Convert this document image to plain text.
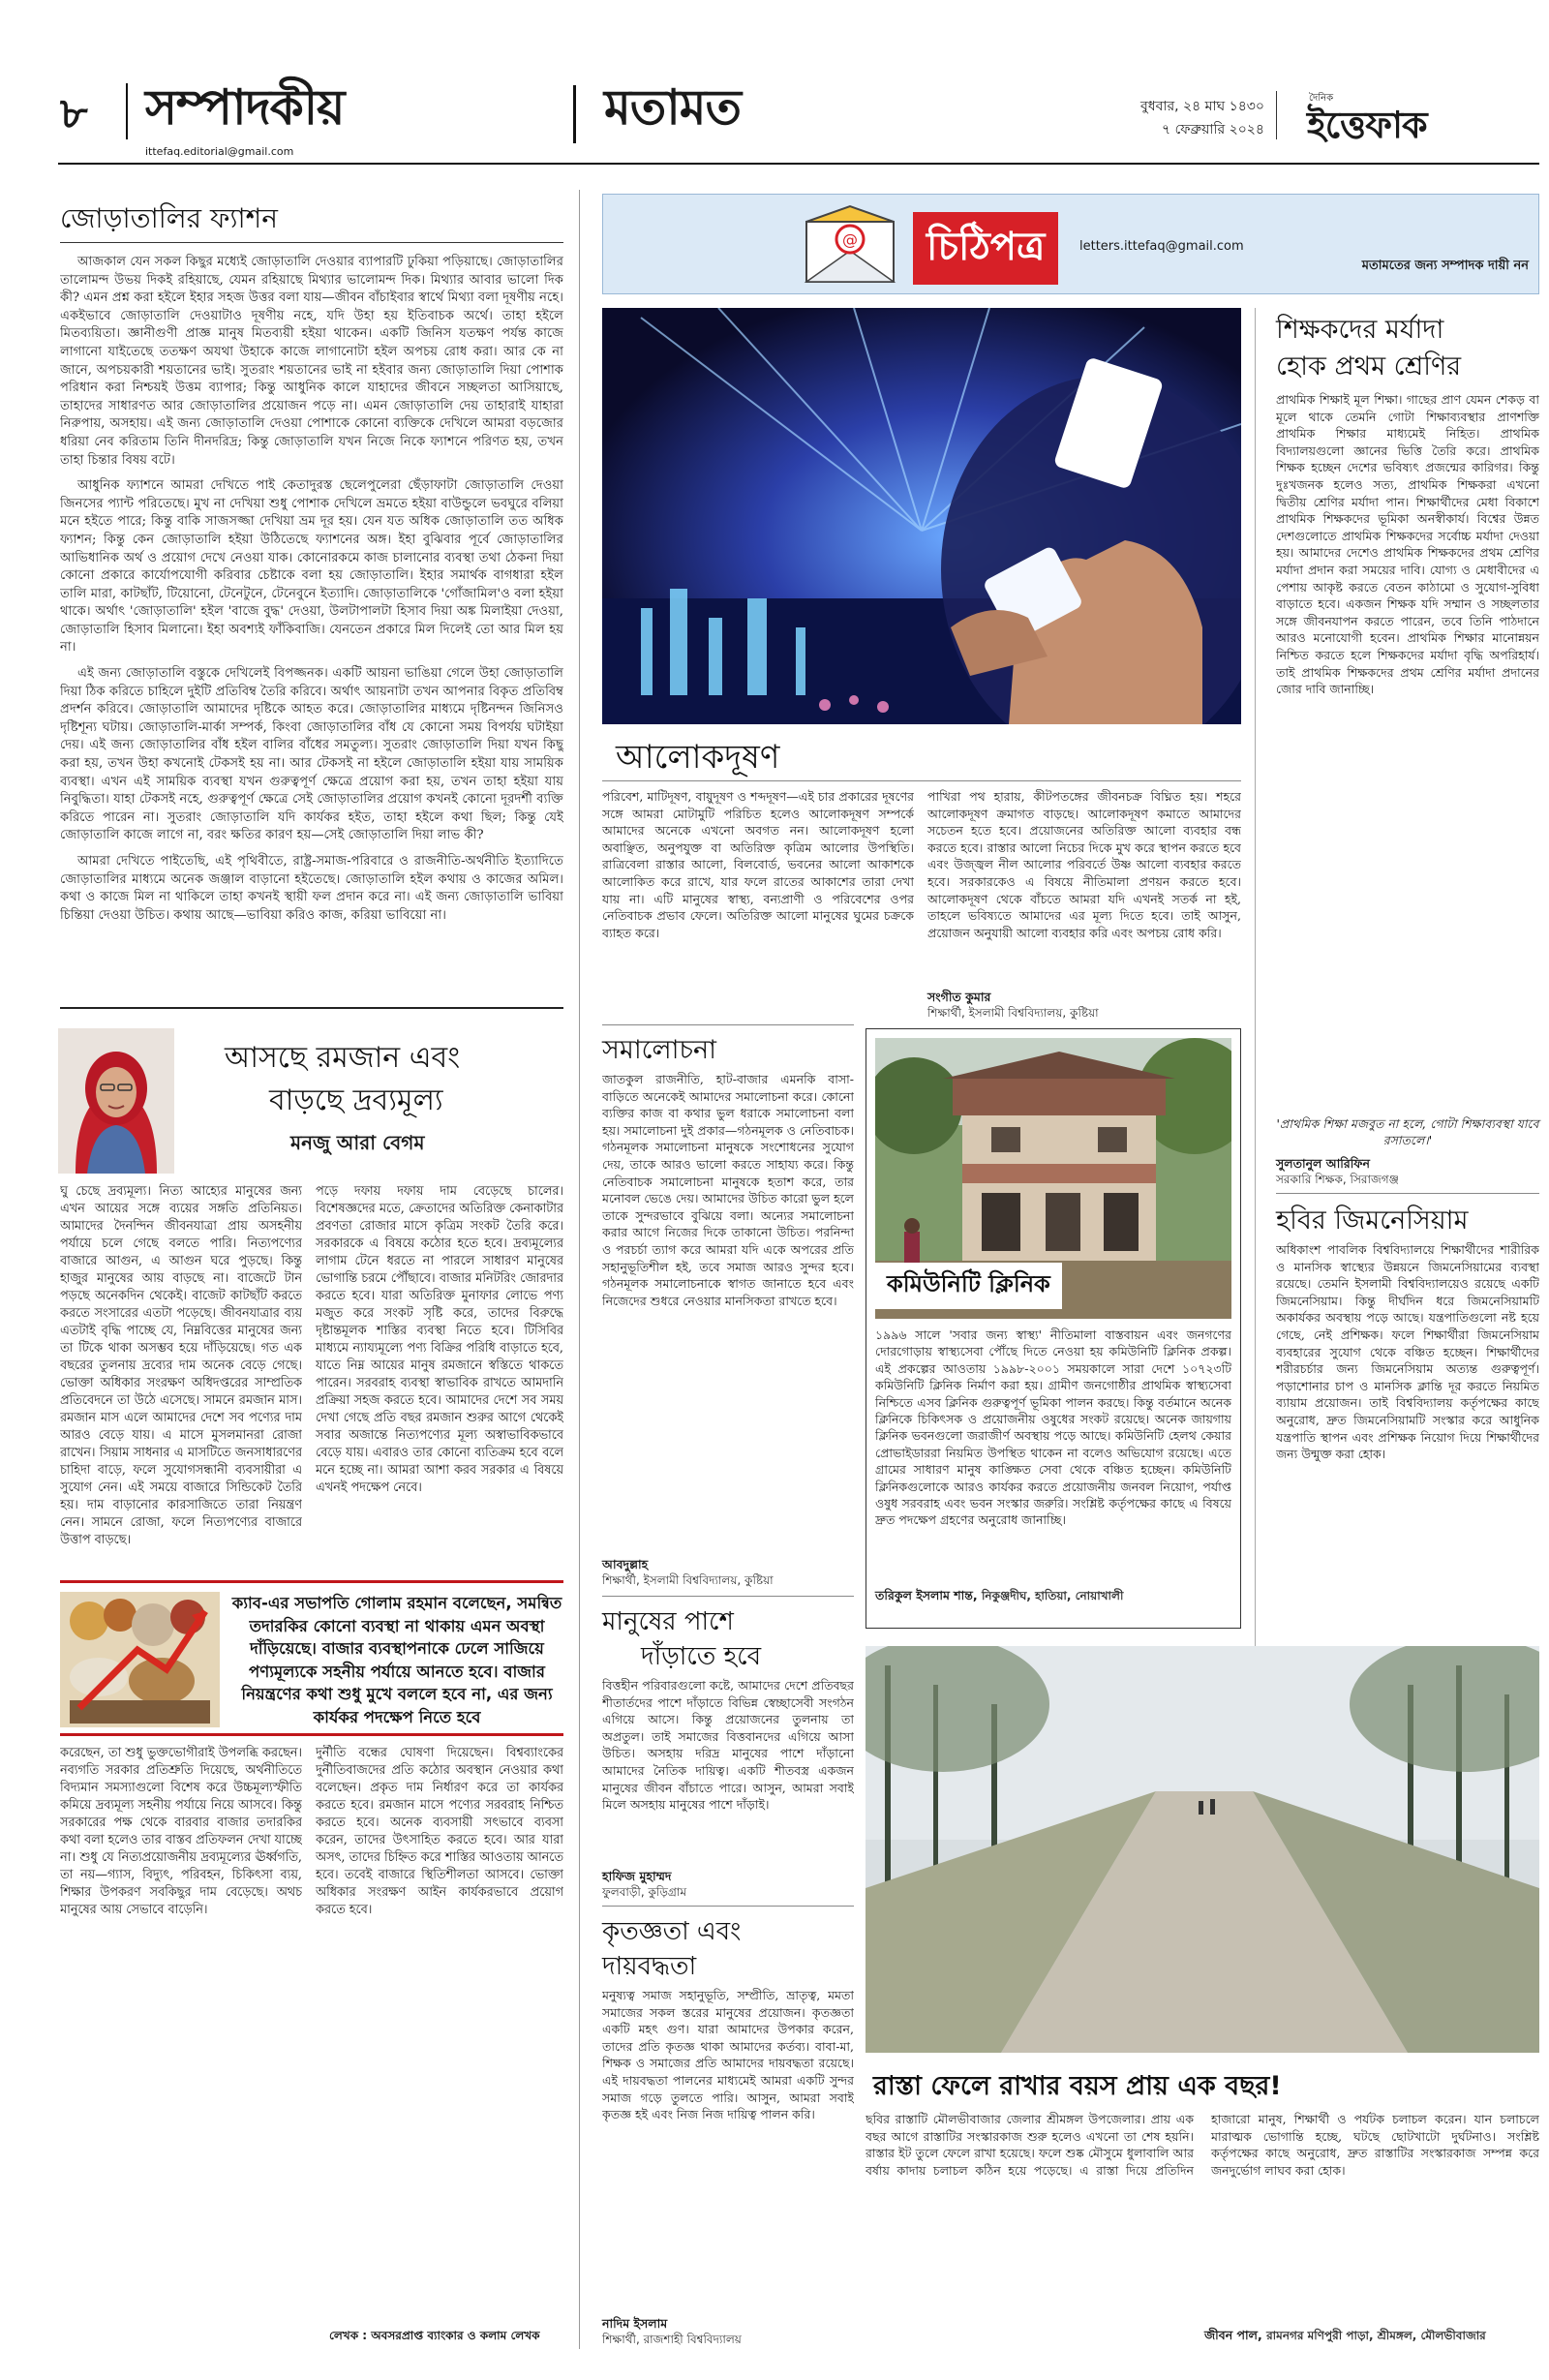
৮ সম্পাদকীয়
ittefaq.editorial@gmail.com
মতামত	বুধবার, ২৪ মাঘ ১৪৩০
৭ ফেব্রুয়ারি ২০২৪
দৈনিক
ইত্তেফাক
জোড়াতালির ফ্যাশন

আজকাল যেন সকল কিছুর মধ্যেই জোড়াতালি দেওয়ার ব্যাপারটি ঢুকিয়া পড়িয়াছে। জোড়াতালির তালোমন্দ উভয় দিকই রহিয়াছে, যেমন রহিয়াছে মিথ্যার ভালোমন্দ দিক। মিথ্যার আবার ভালো দিক কী? এমন প্রশ্ন করা হইলে ইহার সহজ উত্তর বলা যায়—জীবন বাঁচাইবার স্বার্থে মিথ্যা বলা দূষণীয় নহে। একইভাবে জোড়াতালি দেওয়াটাও দূষণীয় নহে, যদি উহা হয় ইতিবাচক অর্থে। তাহা হইলে মিতব্যয়িতা। জ্ঞানীগুণী প্রাজ্ঞ মানুষ মিতব্যয়ী হইয়া থাকেন। একটি জিনিস যতক্ষণ পর্যন্ত কাজে লাগানো যাইতেছে ততক্ষণ অযথা উহাকে কাজে লাগানোটা হইল অপচয় রোধ করা। আর কে না জানে, অপচয়কারী শয়তানের ভাই। সুতরাং শয়তানের ভাই না হইবার জন্য জোড়াতালি দিয়া পোশাক পরিধান করা নিশ্চয়ই উত্তম ব্যাপার; কিন্তু আধুনিক কালে যাহাদের জীবনে সচ্ছলতা আসিয়াছে, তাহাদের সাধারণত আর জোড়াতালির প্রয়োজন পড়ে না। এমন জোড়াতালি দেয় তাহারাই যাহারা নিরুপায়, অসহায়। এই জন্য জোড়াতালি দেওয়া পোশাকে কোনো ব্যক্তিকে দেখিলে আমরা বড়জোর ধরিয়া নেব করিতাম তিনি দীনদরিদ্র; কিন্তু জোড়াতালি যখন নিজে নিকে ফ্যাশনে পরিণত হয়, তখন তাহা চিন্তার বিষয় বটে।

আধুনিক ফ্যাশনে আমরা দেখিতে পাই কেতাদুরস্ত ছেলেপুলেরা ছেঁড়াফাটা জোড়াতালি দেওয়া জিনসের প্যান্ট পরিতেছে। মুখ না দেখিয়া শুধু পোশাক দেখিলে ভ্রমতে হইয়া বাউন্ডুলে ভবঘুরে বলিয়া মনে হইতে পারে; কিন্তু বাকি সাজসজ্জা দেখিয়া ভ্রম দূর হয়। যেন যত অধিক জোড়াতালি তত অধিক ফ্যাশন; কিন্তু কেন জোড়াতালি হইয়া উঠিতেছে ফ্যাশনের অঙ্গ। ইহা বুঝিবার পূর্বে জোড়াতালির আভিধানিক অর্থ ও প্রয়োগ দেখে নেওয়া যাক। কোনোরকমে কাজ চালানোর ব্যবস্থা তথা ঠেকনা দিয়া কোনো প্রকারে কার্যোপযোগী করিবার চেষ্টাকে বলা হয় জোড়াতালি। ইহার সমার্থক বাগধারা হইল তালি মারা, কাটছাঁট, টিয়োনো, টেনেটুনে, টেনেবুনে ইত্যাদি। জোড়াতালিকে 'গোঁজামিল'ও বলা হইয়া থাকে। অর্থাৎ 'জোড়াতালি' হইল 'বাজে বুদ্ধ' দেওয়া, উলটাপালটা হিসাব দিয়া অঙ্ক মিলাইয়া দেওয়া, জোড়াতালি হিসাব মিলানো। ইহা অবশ্যই ফাঁকিবাজি। যেনতেন প্রকারে মিল দিলেই তো আর মিল হয় না।

এই জন্য জোড়াতালি বস্তুকে দেখিলেই বিপজ্জনক। একটি আয়না ভাঙিয়া গেলে উহা জোড়াতালি দিয়া ঠিক করিতে চাহিলে দুইটি প্রতিবিম্ব তৈরি করিবে। অর্থাৎ আয়নাটা তখন আপনার বিকৃত প্রতিবিম্ব প্রদর্শন করিবে। জোড়াতালি আমাদের দৃষ্টিকে আহত করে। জোড়াতালির মাধ্যমে দৃষ্টিনন্দন জিনিসও দৃষ্টিশূন্য ঘটায়। জোড়াতালি-মার্কা সম্পর্ক, কিংবা জোড়াতালির বাঁধ যে কোনো সময় বিপর্যয় ঘটাইয়া দেয়। এই জন্য জোড়াতালির বাঁধ হইল বালির বাঁধের সমতুল্য। সুতরাং জোড়াতালি দিয়া যখন কিছু করা হয়, তখন উহা কখনোই টেকসই হয় না। আর টেকসই না হইলে জোড়াতালি হইয়া যায় সাময়িক ব্যবস্থা। এখন এই সাময়িক ব্যবস্থা যখন গুরুত্বপূর্ণ ক্ষেত্রে প্রয়োগ করা হয়, তখন তাহা হইয়া যায় নিবুদ্ধিতা। যাহা টেকসই নহে, গুরুত্বপূর্ণ ক্ষেত্রে সেই জোড়াতালির প্রয়োগ কখনই কোনো দূরদর্শী ব্যক্তি করিতে পারেন না। সুতরাং জোড়াতালি যদি কার্যকর হইত, তাহা হইলে কথা ছিল; কিন্তু যেই জোড়াতালি কাজে লাগে না, বরং ক্ষতির কারণ হয়—সেই জোড়াতালি দিয়া লাভ কী?

আমরা দেখিতে পাইতেছি, এই পৃথিবীতে, রাষ্ট্র-সমাজ-পরিবারে ও রাজনীতি-অর্থনীতি ইত্যাদিতে জোড়াতালির মাধ্যমে অনেক জঞ্জাল বাড়ানো হইতেছে। জোড়াতালি হইল কথায় ও কাজের অমিল। কথা ও কাজে মিল না থাকিলে তাহা কখনই স্থায়ী ফল প্রদান করে না। এই জন্য জোড়াতালি ভাবিয়া চিন্তিয়া দেওয়া উচিত। কথায় আছে—ভাবিয়া করিও কাজ, করিয়া ভাবিয়ো না।

আসছে রমজান এবং
বাড়ছে দ্রব্যমূল্য
মনজু আরা বেগম
ঘু চেছে দ্রব্যমূল্য। নিত্য আহ্যের মানুষের জন্য এখন আয়ের সঙ্গে ব্যয়ের সঙ্গতি প্রতিনিয়ত। আমাদের দৈনন্দিন জীবনযাত্রা প্রায় অসহনীয় পর্যায়ে চলে গেছে বলতে পারি। নিত্যপণ্যের বাজারে আগুন, এ আগুন ঘরে পুড়ছে। কিন্তু হাজুর মানুষের আয় বাড়ছে না। বাজেটে টান পড়ছে অনেকদিন থেকেই। বাজেট কাটছাঁট করতে করতে সংসারের এতটা পড়েছে। জীবনযাত্রার ব্যয় এতটাই বৃদ্ধি পাচ্ছে যে, নিম্নবিত্তের মানুষের জন্য তা টিকে থাকা অসম্ভব হয়ে দাঁড়িয়েছে। গত এক বছরের তুলনায় দ্রব্যের দাম অনেক বেড়ে গেছে। ভোক্তা অধিকার সংরক্ষণ অধিদপ্তরের সাম্প্রতিক প্রতিবেদনে তা উঠে এসেছে। সামনে রমজান মাস। রমজান মাস এলে আমাদের দেশে সব পণ্যের দাম আরও বেড়ে যায়। এ মাসে মুসলমানরা রোজা রাখেন। সিয়াম সাধনার এ মাসটিতে জনসাধারণের চাহিদা বাড়ে, ফলে সুযোগসন্ধানী ব্যবসায়ীরা এ সুযোগ নেন। এই সময়ে বাজারে সিন্ডিকেট তৈরি হয়। দাম বাড়ানোর কারসাজিতে তারা নিয়ন্ত্রণ নেন। সামনে রোজা, ফলে নিত্যপণ্যের বাজারে উত্তাপ বাড়ছে।
পড়ে দফায় দফায় দাম বেড়েছে চালের। বিশেষজ্ঞদের মতে, ক্রেতাদের অতিরিক্ত কেনাকাটার প্রবণতা রোজার মাসে কৃত্রিম সংকট তৈরি করে। সরকারকে এ বিষয়ে কঠোর হতে হবে। দ্রব্যমূল্যের লাগাম টেনে ধরতে না পারলে সাধারণ মানুষের ভোগান্তি চরমে পৌঁছাবে। বাজার মনিটরিং জোরদার করতে হবে। যারা অতিরিক্ত মুনাফার লোভে পণ্য মজুত করে সংকট সৃষ্টি করে, তাদের বিরুদ্ধে দৃষ্টান্তমূলক শাস্তির ব্যবস্থা নিতে হবে। টিসিবির মাধ্যমে ন্যায্যমূল্যে পণ্য বিক্রির পরিধি বাড়াতে হবে, যাতে নিম্ন আয়ের মানুষ রমজানে স্বস্তিতে থাকতে পারেন। সরবরাহ ব্যবস্থা স্বাভাবিক রাখতে আমদানি প্রক্রিয়া সহজ করতে হবে। আমাদের দেশে সব সময় দেখা গেছে প্রতি বছর রমজান শুরুর আগে থেকেই সবার অজান্তে নিত্যপণ্যের মূল্য অস্বাভাবিকভাবে বেড়ে যায়। এবারও তার কোনো ব্যতিক্রম হবে বলে মনে হচ্ছে না। আমরা আশা করব সরকার এ বিষয়ে এখনই পদক্ষেপ নেবে।
ক্যাব-এর সভাপতি গোলাম রহমান বলেছেন, সমন্বিত তদারকির কোনো ব্যবস্থা না থাকায় এমন অবস্থা দাঁড়িয়েছে। বাজার ব্যবস্থাপনাকে ঢেলে সাজিয়ে পণ্যমূল্যকে সহনীয় পর্যায়ে আনতে হবে। বাজার নিয়ন্ত্রণের কথা শুধু মুখে বললে হবে না, এর জন্য কার্যকর পদক্ষেপ নিতে হবে
করেছেন, তা শুধু ভুক্তভোগীরাই উপলব্ধি করছেন। নব্যগতি সরকার প্রতিশ্রুতি দিয়েছে, অর্থনীতিতে বিদ্যমান সমস্যাগুলো বিশেষ করে উচ্চমূল্যস্ফীতি কমিয়ে দ্রব্যমূল্য সহনীয় পর্যায়ে নিয়ে আসবে। কিন্তু সরকারের পক্ষ থেকে বারবার বাজার তদারকির কথা বলা হলেও তার বাস্তব প্রতিফলন দেখা যাচ্ছে না। শুধু যে নিত্যপ্রয়োজনীয় দ্রব্যমূল্যের ঊর্ধ্বগতি, তা নয়—গ্যাস, বিদ্যুৎ, পরিবহন, চিকিৎসা ব্যয়, শিক্ষার উপকরণ সবকিছুর দাম বেড়েছে। অথচ মানুষের আয় সেভাবে বাড়েনি।
দুর্নীতি বন্ধের ঘোষণা দিয়েছেন। বিশ্বব্যাংকের দুর্নীতিবাজদের প্রতি কঠোর অবস্থান নেওয়ার কথা বলেছেন। প্রকৃত দাম নির্ধারণ করে তা কার্যকর করতে হবে। রমজান মাসে পণ্যের সরবরাহ নিশ্চিত করতে হবে। অনেক ব্যবসায়ী সৎভাবে ব্যবসা করেন, তাদের উৎসাহিত করতে হবে। আর যারা অসৎ, তাদের চিহ্নিত করে শাস্তির আওতায় আনতে হবে। তবেই বাজারে স্থিতিশীলতা আসবে। ভোক্তা অধিকার সংরক্ষণ আইন কার্যকরভাবে প্রয়োগ করতে হবে।
লেখক : অবসরপ্রাপ্ত ব্যাংকার ও কলাম লেখক
@	চিঠিপত্র	letters.ittefaq@gmail.com
মতামতের জন্য সম্পাদক দায়ী নন
আলোকদূষণ
পরিবেশ, মাটিদূষণ, বায়ুদূষণ ও শব্দদূষণ—এই চার প্রকারের দূষণের সঙ্গে আমরা মোটামুটি পরিচিত হলেও আলোকদূষণ সম্পর্কে আমাদের অনেকে এখনো অবগত নন। আলোকদূষণ হলো অবাঞ্ছিত, অনুপযুক্ত বা অতিরিক্ত কৃত্রিম আলোর উপস্থিতি। রাত্রিবেলা রাস্তার আলো, বিলবোর্ড, ভবনের আলো আকাশকে আলোকিত করে রাখে, যার ফলে রাতের আকাশের তারা দেখা যায় না। এটি মানুষের স্বাস্থ্য, বন্যপ্রাণী ও পরিবেশের ওপর নেতিবাচক প্রভাব ফেলে। অতিরিক্ত আলো মানুষের ঘুমের চক্রকে ব্যাহত করে।
পাখিরা পথ হারায়, কীটপতঙ্গের জীবনচক্র বিঘ্নিত হয়। শহরে আলোকদূষণ ক্রমাগত বাড়ছে। আলোকদূষণ কমাতে আমাদের সচেতন হতে হবে। প্রয়োজনের অতিরিক্ত আলো ব্যবহার বন্ধ করতে হবে। রাস্তার আলো নিচের দিকে মুখ করে স্থাপন করতে হবে এবং উজ্জ্বল নীল আলোর পরিবর্তে উষ্ণ আলো ব্যবহার করতে হবে। সরকারকেও এ বিষয়ে নীতিমালা প্রণয়ন করতে হবে। আলোকদূষণ থেকে বাঁচতে আমরা যদি এখনই সতর্ক না হই, তাহলে ভবিষ্যতে আমাদের এর মূল্য দিতে হবে। তাই আসুন, প্রয়োজন অনুযায়ী আলো ব্যবহার করি এবং অপচয় রোধ করি।
সংগীত কুমার
শিক্ষার্থী, ইসলামী বিশ্ববিদ্যালয়, কুষ্টিয়া
শিক্ষকদের মর্যাদা
হোক প্রথম শ্রেণির
প্রাথমিক শিক্ষাই মূল শিক্ষা। গাছের প্রাণ যেমন শেকড় বা মূলে থাকে তেমনি গোটা শিক্ষাব্যবস্থার প্রাণশক্তি প্রাথমিক শিক্ষার মাধ্যমেই নিহিত। প্রাথমিক বিদ্যালয়গুলো জ্ঞানের ভিত্তি তৈরি করে। প্রাথমিক শিক্ষক হচ্ছেন দেশের ভবিষ্যৎ প্রজন্মের কারিগর। কিন্তু দুঃখজনক হলেও সত্য, প্রাথমিক শিক্ষকরা এখনো দ্বিতীয় শ্রেণির মর্যাদা পান। শিক্ষার্থীদের মেধা বিকাশে প্রাথমিক শিক্ষকদের ভূমিকা অনস্বীকার্য। বিশ্বের উন্নত দেশগুলোতে প্রাথমিক শিক্ষকদের সর্বোচ্চ মর্যাদা দেওয়া হয়। আমাদের দেশেও প্রাথমিক শিক্ষকদের প্রথম শ্রেণির মর্যাদা প্রদান করা সময়ের দাবি। যোগ্য ও মেধাবীদের এ পেশায় আকৃষ্ট করতে বেতন কাঠামো ও সুযোগ-সুবিধা বাড়াতে হবে। একজন শিক্ষক যদি সম্মান ও সচ্ছলতার সঙ্গে জীবনযাপন করতে পারেন, তবে তিনি পাঠদানে আরও মনোযোগী হবেন। প্রাথমিক শিক্ষার মানোন্নয়ন নিশ্চিত করতে হলে শিক্ষকদের মর্যাদা বৃদ্ধি অপরিহার্য। তাই প্রাথমিক শিক্ষকদের প্রথম শ্রেণির মর্যাদা প্রদানের জোর দাবি জানাচ্ছি।
'প্রাথমিক শিক্ষা মজবুত না হলে, গোটা শিক্ষাব্যবস্থা যাবে রসাতলে।'
সুলতানুল আরিফিন
সরকারি শিক্ষক, সিরাজগঞ্জ
হবির জিমনেসিয়াম
অধিকাংশ পাবলিক বিশ্ববিদ্যালয়ে শিক্ষার্থীদের শারীরিক ও মানসিক স্বাস্থ্যের উন্নয়নে জিমনেসিয়ামের ব্যবস্থা রয়েছে। তেমনি ইসলামী বিশ্ববিদ্যালয়েও রয়েছে একটি জিমনেসিয়াম। কিন্তু দীর্ঘদিন ধরে জিমনেসিয়ামটি অকার্যকর অবস্থায় পড়ে আছে। যন্ত্রপাতিগুলো নষ্ট হয়ে গেছে, নেই প্রশিক্ষক। ফলে শিক্ষার্থীরা জিমনেসিয়াম ব্যবহারের সুযোগ থেকে বঞ্চিত হচ্ছেন। শিক্ষার্থীদের শরীরচর্চার জন্য জিমনেসিয়াম অত্যন্ত গুরুত্বপূর্ণ। পড়াশোনার চাপ ও মানসিক ক্লান্তি দূর করতে নিয়মিত ব্যায়াম প্রয়োজন। তাই বিশ্ববিদ্যালয় কর্তৃপক্ষের কাছে অনুরোধ, দ্রুত জিমনেসিয়ামটি সংস্কার করে আধুনিক যন্ত্রপাতি স্থাপন এবং প্রশিক্ষক নিয়োগ দিয়ে শিক্ষার্থীদের জন্য উন্মুক্ত করা হোক।
সমালোচনা
জাতকুল রাজনীতি, হাট-বাজার এমনকি বাসা-বাড়িতে অনেকেই আমাদের সমালোচনা করে। কোনো ব্যক্তির কাজ বা কথার ভুল ধরাকে সমালোচনা বলা হয়। সমালোচনা দুই প্রকার—গঠনমূলক ও নেতিবাচক। গঠনমূলক সমালোচনা মানুষকে সংশোধনের সুযোগ দেয়, তাকে আরও ভালো করতে সাহায্য করে। কিন্তু নেতিবাচক সমালোচনা মানুষকে হতাশ করে, তার মনোবল ভেঙে দেয়। আমাদের উচিত কারো ভুল হলে তাকে সুন্দরভাবে বুঝিয়ে বলা। অন্যের সমালোচনা করার আগে নিজের দিকে তাকানো উচিত। পরনিন্দা ও পরচর্চা ত্যাগ করে আমরা যদি একে অপরের প্রতি সহানুভূতিশীল হই, তবে সমাজ আরও সুন্দর হবে। গঠনমূলক সমালোচনাকে স্বাগত জানাতে হবে এবং নিজেদের শুধরে নেওয়ার মানসিকতা রাখতে হবে।
আবদুল্লাহ
শিক্ষার্থী, ইসলামী বিশ্ববিদ্যালয়, কুষ্টিয়া
কমিউনিটি ক্লিনিক
১৯৯৬ সালে 'সবার জন্য স্বাস্থ্য' নীতিমালা বাস্তবায়ন এবং জনগণের দোরগোড়ায় স্বাস্থ্যসেবা পৌঁছে দিতে নেওয়া হয় কমিউনিটি ক্লিনিক প্রকল্প। এই প্রকল্পের আওতায় ১৯৯৮-২০০১ সময়কালে সারা দেশে ১০৭২৩টি কমিউনিটি ক্লিনিক নির্মাণ করা হয়। গ্রামীণ জনগোষ্ঠীর প্রাথমিক স্বাস্থ্যসেবা নিশ্চিতে এসব ক্লিনিক গুরুত্বপূর্ণ ভূমিকা পালন করছে। কিন্তু বর্তমানে অনেক ক্লিনিকে চিকিৎসক ও প্রয়োজনীয় ওষুধের সংকট রয়েছে। অনেক জায়গায় ক্লিনিক ভবনগুলো জরাজীর্ণ অবস্থায় পড়ে আছে। কমিউনিটি হেলথ কেয়ার প্রোভাইডাররা নিয়মিত উপস্থিত থাকেন না বলেও অভিযোগ রয়েছে। এতে গ্রামের সাধারণ মানুষ কাঙ্ক্ষিত সেবা থেকে বঞ্চিত হচ্ছেন। কমিউনিটি ক্লিনিকগুলোকে আরও কার্যকর করতে প্রয়োজনীয় জনবল নিয়োগ, পর্যাপ্ত ওষুধ সরবরাহ এবং ভবন সংস্কার জরুরি। সংশ্লিষ্ট কর্তৃপক্ষের কাছে এ বিষয়ে দ্রুত পদক্ষেপ গ্রহণের অনুরোধ জানাচ্ছি।
তরিকুল ইসলাম শান্ত, নিকুঞ্জদীঘ, হাতিয়া, নোয়াখালী
মানুষের পাশে
দাঁড়াতে হবে
বিত্তহীন পরিবারগুলো কষ্টে, আমাদের দেশে প্রতিবছর শীতার্তদের পাশে দাঁড়াতে বিভিন্ন স্বেচ্ছাসেবী সংগঠন এগিয়ে আসে। কিন্তু প্রয়োজনের তুলনায় তা অপ্রতুল। তাই সমাজের বিত্তবানদের এগিয়ে আসা উচিত। অসহায় দরিদ্র মানুষের পাশে দাঁড়ানো আমাদের নৈতিক দায়িত্ব। একটি শীতবস্ত্র একজন মানুষের জীবন বাঁচাতে পারে। আসুন, আমরা সবাই মিলে অসহায় মানুষের পাশে দাঁড়াই।
হাফিজ মুহাম্মদ
ফুলবাড়ী, কুড়িগ্রাম
কৃতজ্ঞতা এবং
দায়বদ্ধতা
মনুষ্যত্ব সমাজ সহানুভূতি, সম্প্রীতি, ভ্রাতৃত্ব, মমতা সমাজের সকল স্তরের মানুষের প্রয়োজন। কৃতজ্ঞতা একটি মহৎ গুণ। যারা আমাদের উপকার করেন, তাদের প্রতি কৃতজ্ঞ থাকা আমাদের কর্তব্য। বাবা-মা, শিক্ষক ও সমাজের প্রতি আমাদের দায়বদ্ধতা রয়েছে। এই দায়বদ্ধতা পালনের মাধ্যমেই আমরা একটি সুন্দর সমাজ গড়ে তুলতে পারি। আসুন, আমরা সবাই কৃতজ্ঞ হই এবং নিজ নিজ দায়িত্ব পালন করি।
নাদিম ইসলাম
শিক্ষার্থী, রাজশাহী বিশ্ববিদ্যালয়
রাস্তা ফেলে রাখার বয়স প্রায় এক বছর!
ছবির রাস্তাটি মৌলভীবাজার জেলার শ্রীমঙ্গল উপজেলার। প্রায় এক বছর আগে রাস্তাটির সংস্কারকাজ শুরু হলেও এখনো তা শেষ হয়নি। রাস্তার ইট তুলে ফেলে রাখা হয়েছে। ফলে শুষ্ক মৌসুমে ধুলাবালি আর বর্ষায় কাদায় চলাচল কঠিন হয়ে পড়েছে। এ রাস্তা দিয়ে প্রতিদিন হাজারো মানুষ, শিক্ষার্থী ও পর্যটক চলাচল করেন। যান চলাচলে মারাত্মক ভোগান্তি হচ্ছে, ঘটছে ছোটখাটো দুর্ঘটনাও। সংশ্লিষ্ট কর্তৃপক্ষের কাছে অনুরোধ, দ্রুত রাস্তাটির সংস্কারকাজ সম্পন্ন করে জনদুর্ভোগ লাঘব করা হোক।
জীবন পাল, রামনগর মণিপুরী পাড়া, শ্রীমঙ্গল, মৌলভীবাজার
